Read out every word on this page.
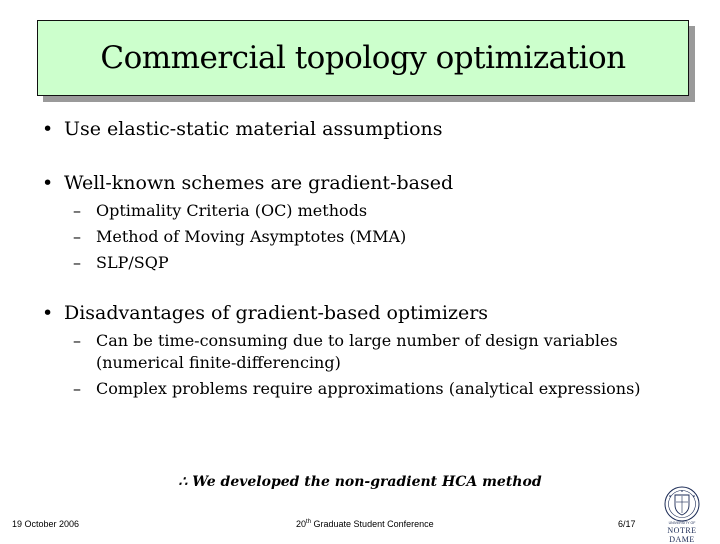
Commercial topology optimization
• Use elastic-static material assumptions
• Well-known schemes are gradient-based
– Optimality Criteria (OC) methods
– Method of Moving Asymptotes (MMA)
– SLP/SQP
• Disadvantages of gradient-based optimizers
– Can be time-consuming due to large number of design variables (numerical finite-differencing)
– Complex problems require approximations (analytical expressions)
∴ We developed the non-gradient HCA method
19 October 2006	20th Graduate Student Conference	6/17	UNIVERSITY OF
NOTRE DAME
